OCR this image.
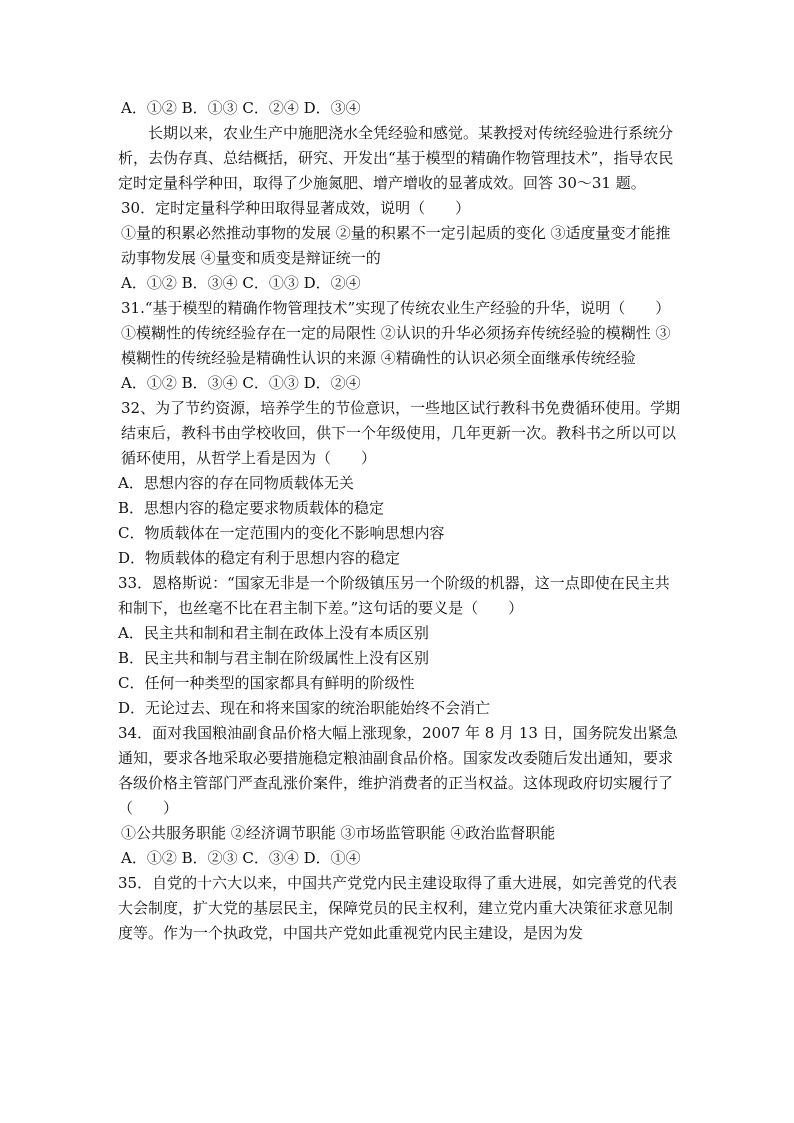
A．①② B．①③ C．②④ D．③④
长期以来，农业生产中施肥浇水全凭经验和感觉。某教授对传统经验进行系统分析，去伪存真、总结概括，研究、开发出“基于模型的精确作物管理技术”，指导农民定时定量科学种田，取得了少施氮肥、增产增收的显著成效。回答 30～31 题。
30．定时定量科学种田取得显著成效，说明（　　）
①量的积累必然推动事物的发展 ②量的积累不一定引起质的变化 ③适度量变才能推动事物发展 ④量变和质变是辩证统一的
A．①② B．③④ C．①③ D．②④
31.“基于模型的精确作物管理技术”实现了传统农业生产经验的升华，说明（　　）
①模糊性的传统经验存在一定的局限性 ②认识的升华必须扬弃传统经验的模糊性 ③模糊性的传统经验是精确性认识的来源 ④精确性的认识必须全面继承传统经验
A．①② B．③④ C．①③ D．②④
32、为了节约资源，培养学生的节俭意识，一些地区试行教科书免费循环使用。学期结束后，教科书由学校收回，供下一个年级使用，几年更新一次。教科书之所以可以循环使用，从哲学上看是因为（　　）
A．思想内容的存在同物质载体无关
B．思想内容的稳定要求物质载体的稳定
C．物质载体在一定范围内的变化不影响思想内容
D．物质载体的稳定有利于思想内容的稳定
33．恩格斯说：“国家无非是一个阶级镇压另一个阶级的机器，这一点即使在民主共和制下，也丝毫不比在君主制下差。”这句话的要义是（　　）
A．民主共和制和君主制在政体上没有本质区别
B．民主共和制与君主制在阶级属性上没有区别
C．任何一种类型的国家都具有鲜明的阶级性
D．无论过去、现在和将来国家的统治职能始终不会消亡
34．面对我国粮油副食品价格大幅上涨现象，2007 年 8 月 13 日，国务院发出紧急通知，要求各地采取必要措施稳定粮油副食品价格。国家发改委随后发出通知，要求各级价格主管部门严查乱涨价案件，维护消费者的正当权益。这体现政府切实履行了（　　）
①公共服务职能 ②经济调节职能 ③市场监管职能 ④政治监督职能
A．①② B．②③ C．③④ D．①④
35．自党的十六大以来，中国共产党党内民主建设取得了重大进展，如完善党的代表大会制度，扩大党的基层民主，保障党员的民主权利，建立党内重大决策征求意见制度等。作为一个执政党，中国共产党如此重视党内民主建设，是因为发
